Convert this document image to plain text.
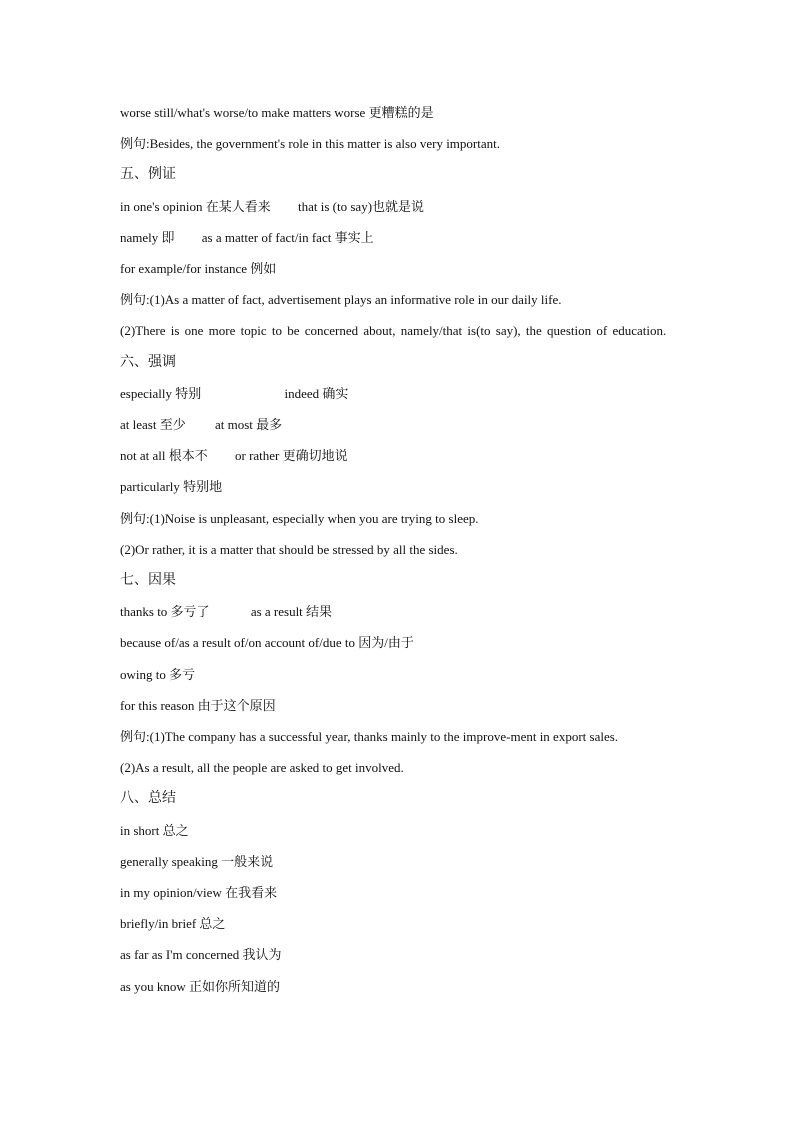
worse still/what's worse/to make matters worse 更糟糕的是
例句:Besides, the government's role in this matter is also very important.
五、例证
in one's opinion 在某人看来 that is (to say)也就是说
namely 即 as a matter of fact/in fact 事实上
for example/for instance 例如
例句:(1)As a matter of fact, advertisement plays an informative role in our daily life.
(2)There is one more topic to be concerned about, namely/that is(to say), the question of education.
六、强调
especially 特别	indeed 确实
at least 至少 at most 最多
not at all 根本不 or rather 更确切地说
particularly 特别地
例句:(1)Noise is unpleasant, especially when you are trying to sleep.
(2)Or rather, it is a matter that should be stressed by all the sides.
七、因果
thanks to 多亏了	as a result 结果
because of/as a result of/on account of/due to 因为/由于
owing to 多亏
for this reason 由于这个原因
例句:(1)The company has a successful year, thanks mainly to the improve-ment in export sales.
(2)As a result, all the people are asked to get involved.
八、总结
in short 总之
generally speaking 一般来说
in my opinion/view 在我看来
briefly/in brief 总之
as far as I'm concerned 我认为
as you know 正如你所知道的
